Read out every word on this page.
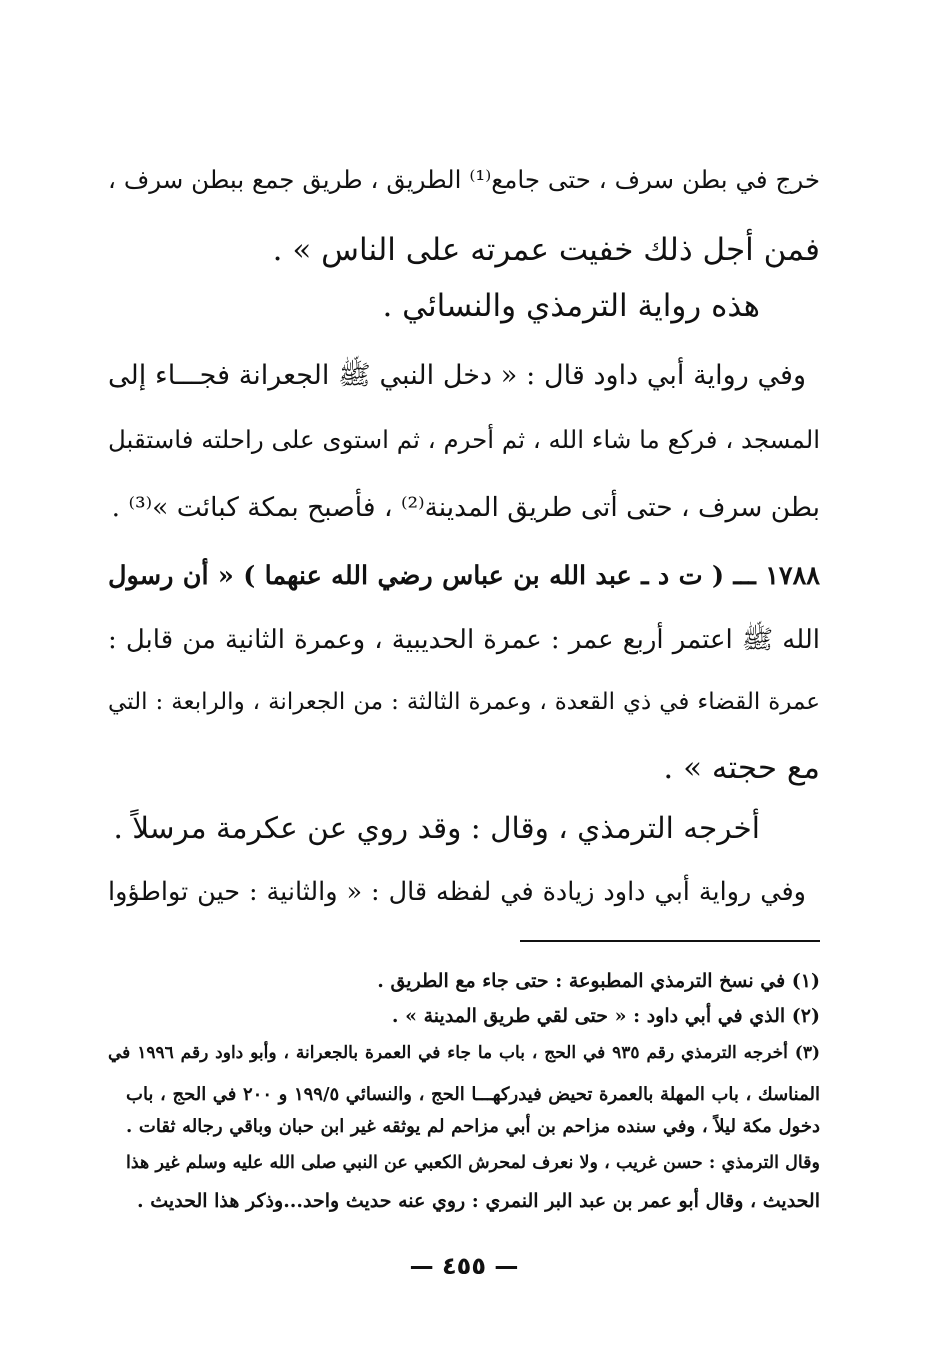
خرج في بطن سرف ، حتى جامع⁽¹⁾ الطريق ، طريق جمع ببطن سرف ،
فمن أجل ذلك خفيت عمرته على الناس » .
هذه رواية الترمذي والنسائي .
وفي رواية أبي داود قال : « دخل النبي ﷺ الجعرانة فجـــاء إلى
المسجد ، فركع ما شاء الله ، ثم أحرم ، ثم استوى على راحلته فاستقبل
بطن سرف ، حتى أتى طريق المدينة⁽²⁾ ، فأصبح بمكة كبائت »⁽³⁾ .
١٧٨٨ ـــ ( ت د ـ عبد الله بن عباس رضي الله عنهما ) « أن رسول
الله ﷺ اعتمر أربع عمر : عمرة الحديبية ، وعمرة الثانية من قابل :
عمرة القضاء في ذي القعدة ، وعمرة الثالثة : من الجعرانة ، والرابعة : التي
مع حجته » .
أخرجه الترمذي ، وقال : وقد روي عن عكرمة مرسلاً .
وفي رواية أبي داود زيادة في لفظه قال : « والثانية : حين تواطؤوا
(١) في نسخ الترمذي المطبوعة : حتى جاء مع الطريق .
(٢) الذي في أبي داود : « حتى لقي طريق المدينة » .
(٣) أخرجه الترمذي رقم ٩٣٥ في الحج ، باب ما جاء في العمرة بالجعرانة ، وأبو داود رقم ١٩٩٦ في
المناسك ، باب المهلة بالعمرة تحيض فيدركهـــا الحج ، والنسائي ١٩٩/٥ و ٢٠٠ في الحج ، باب
دخول مكة ليلاً ، وفي سنده مزاحم بن أبي مزاحم لم يوثقه غير ابن حبان وباقي رجاله ثقات .
وقال الترمذي : حسن غريب ، ولا نعرف لمحرش الكعبي عن النبي صلى الله عليه وسلم غير هذا
الحديث ، وقال أبو عمر بن عبد البر النمري : روي عنه حديث واحد...وذكر هذا الحديث .
— ٤٥٥ —
